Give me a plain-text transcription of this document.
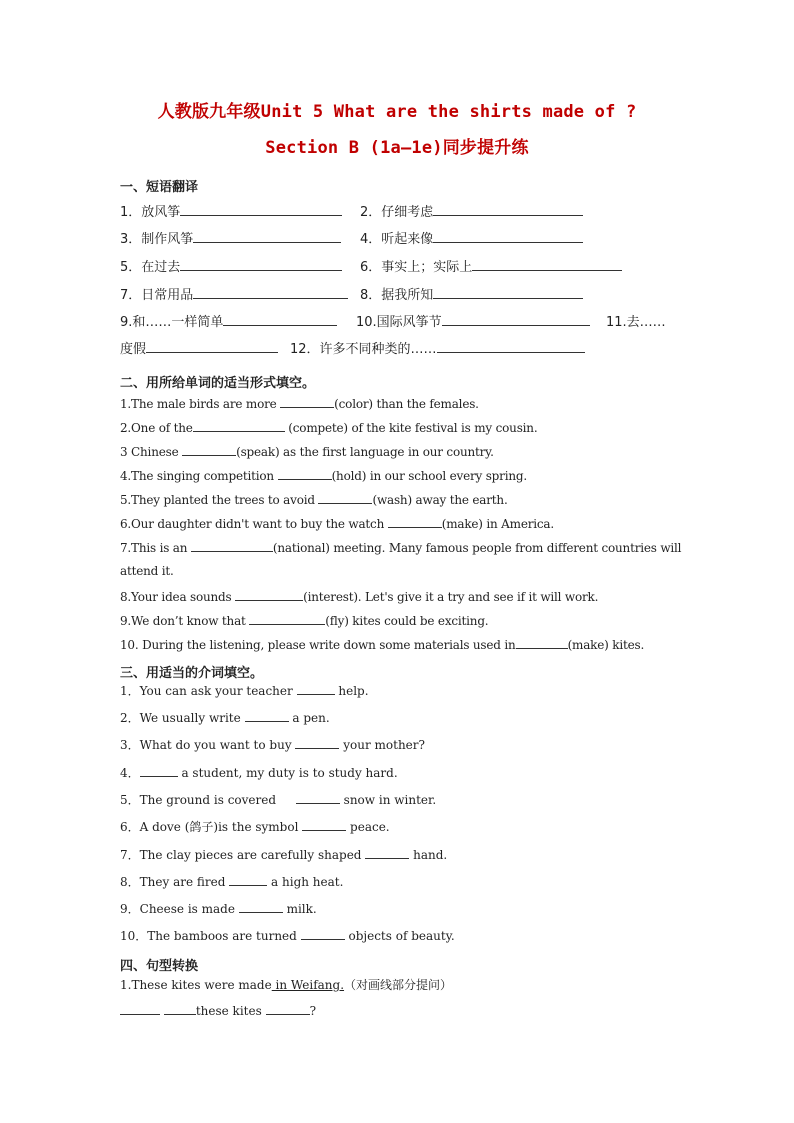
人教版九年级Unit 5 What are the shirts made of ?
Section B (1a—1e)同步提升练
一、短语翻译
1．放风筝	2．仔细考虑
3．制作风筝	4．听起来像
5．在过去	6．事实上；实际上
7．日常用品	8．据我所知
9.和……一样简单	10.国际风筝节	11.去……
度假	12．许多不同种类的……
二、用所给单词的适当形式填空。
1.The male birds are more	(color) than the females.
2.One of the	(compete) of the kite festival is my cousin.
3 Chinese	(speak) as the first language in our country.
4.The singing competition	(hold) in our school every spring.
5.They planted the trees to avoid	(wash) away the earth.
6.Our daughter didn't want to buy the watch	(make) in America.
7.This is an	(national) meeting. Many famous people from different countries will
attend it.
8.Your idea sounds	(interest). Let's give it a try and see if it will work.
9.We don’t know that	(fly) kites could be exciting.
10. During the listening, please write down some materials used in	(make) kites.
三、用适当的介词填空。
1．You can ask your teacher	help.
2．We usually write	a pen.
3．What do you want to buy	your mother?
4．	a student, my duty is to study hard.
5．The ground is covered	snow in winter.
6．A dove (鸽子)is the symbol	peace.
7．The clay pieces are carefully shaped	hand.
8．They are fired	a high heat.
9．Cheese is made	milk.
10．The bamboos are turned	objects of beauty.
四、句型转换
1.These kites were made in Weifang.（对画线部分提问）
these kites	?
